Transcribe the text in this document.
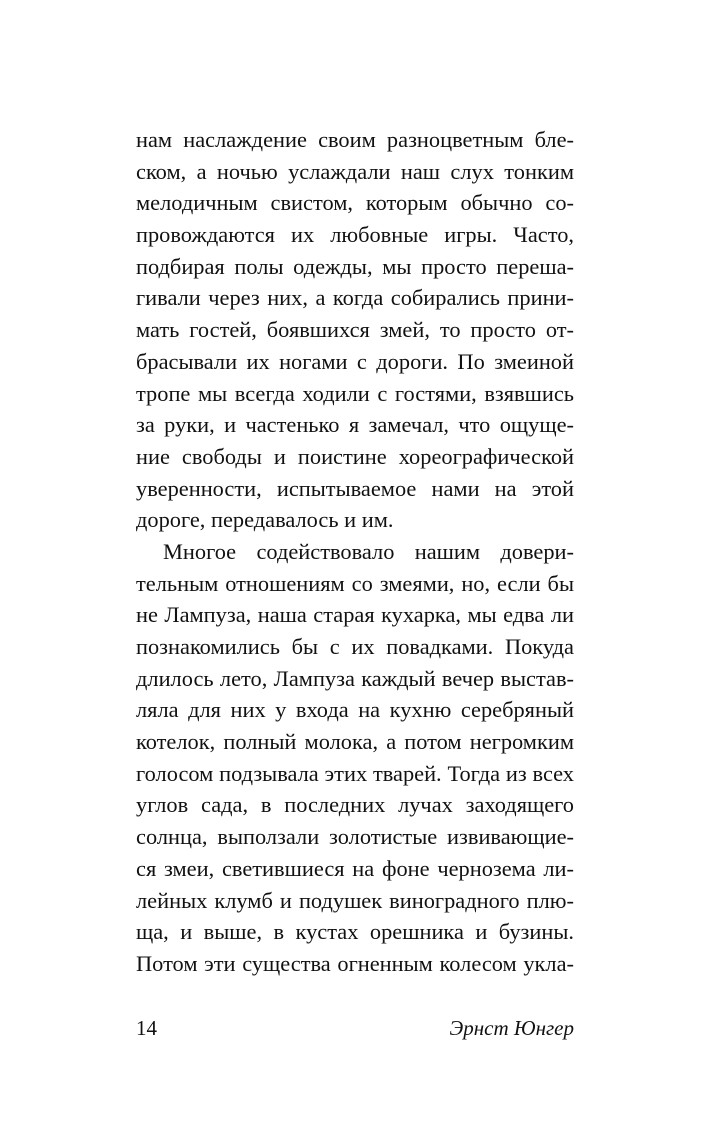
нам наслаждение своим разноцветным бле-
ском, а ночью услаждали наш слух тонким
мелодичным свистом, которым обычно со-
провождаются их любовные игры. Часто,
подбирая полы одежды, мы просто переша-
гивали через них, а когда собирались прини-
мать гостей, боявшихся змей, то просто от-
брасывали их ногами с дороги. По змеиной
тропе мы всегда ходили с гостями, взявшись
за руки, и частенько я замечал, что ощуще-
ние свободы и поистине хореографической
уверенности, испытываемое нами на этой
дороге, передавалось и им.
Многое содействовало нашим довери-
тельным отношениям со змеями, но, если бы
не Лампуза, наша старая кухарка, мы едва ли
познакомились бы с их повадками. Покуда
длилось лето, Лампуза каждый вечер выстав-
ляла для них у входа на кухню серебряный
котелок, полный молока, а потом негромким
голосом подзывала этих тварей. Тогда из всех
углов сада, в последних лучах заходящего
солнца, выползали золотистые извивающие-
ся змеи, светившиеся на фоне чернозема ли-
лейных клумб и подушек виноградного плю-
ща, и выше, в кустах орешника и бузины.
Потом эти существа огненным колесом укла-
14	Эрнст Юнгер
